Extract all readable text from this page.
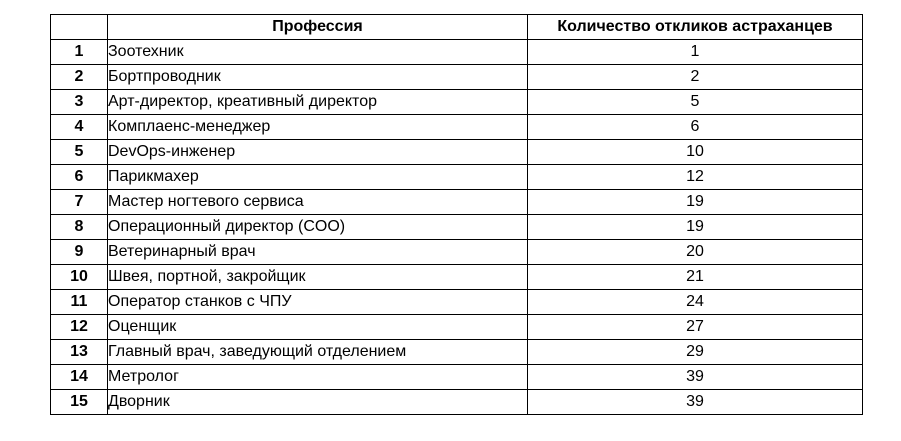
	Профессия	Количество откликов астраханцев
1	Зоотехник	1
2	Бортпроводник	2
3	Арт-директор, креативный директор	5
4	Комплаенс-менеджер	6
5	DevOps-инженер	10
6	Парикмахер	12
7	Мастер ногтевого сервиса	19
8	Операционный директор (COO)	19
9	Ветеринарный врач	20
10	Швея, портной, закройщик	21
11	Оператор станков с ЧПУ	24
12	Оценщик	27
13	Главный врач, заведующий отделением	29
14	Метролог	39
15	Дворник	39
